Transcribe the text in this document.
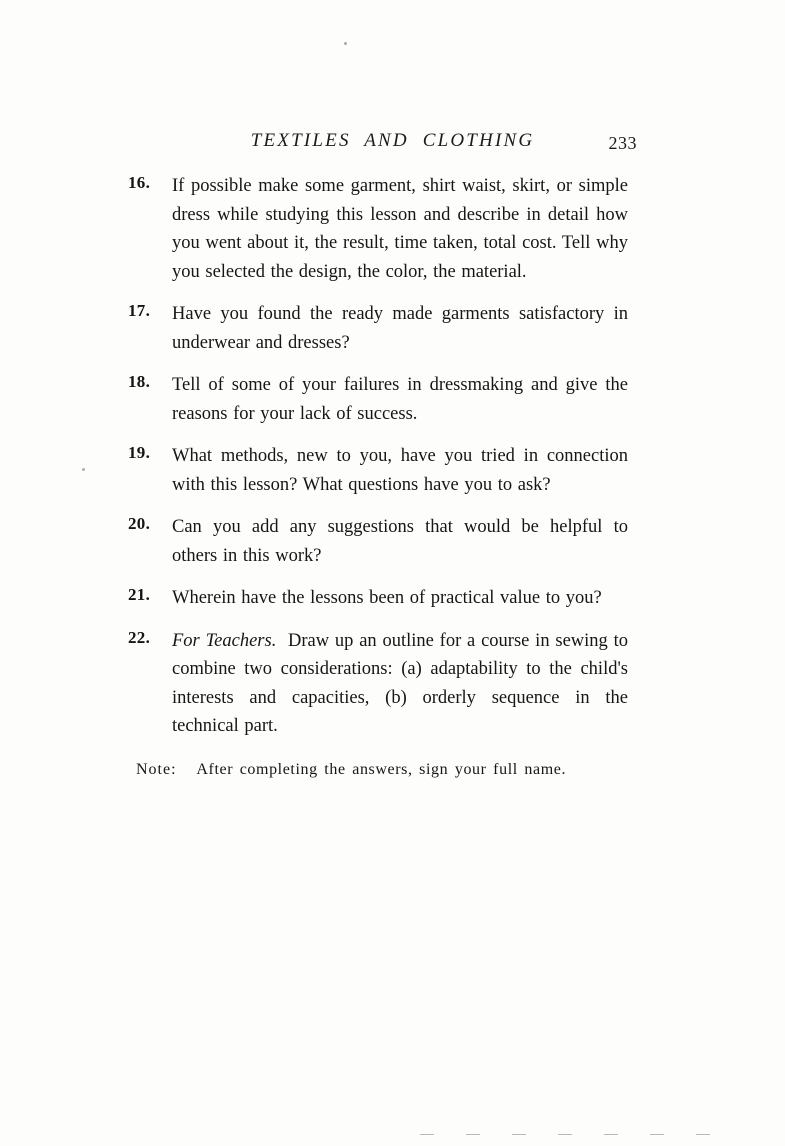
TEXTILES  AND  CLOTHING	233
16.	If possible make some garment, shirt waist, skirt, or simple dress while studying this lesson and describe in detail how you went about it, the result, time taken, total cost. Tell why you selected the design, the color, the material.
17.	Have you found the ready made garments satisfactory in underwear and dresses?
18.	Tell of some of your failures in dressmaking and give the reasons for your lack of success.
19.	What methods, new to you, have you tried in connection with this lesson? What questions have you to ask?
20.	Can you add any suggestions that would be helpful to others in this work?
21.	Wherein have the lessons been of practical value to you?
22.	For Teachers. Draw up an outline for a course in sewing to combine two considerations: (a) adaptability to the child's interests and capacities, (b) orderly sequence in the technical part.
Note: After completing the answers, sign your full name.
